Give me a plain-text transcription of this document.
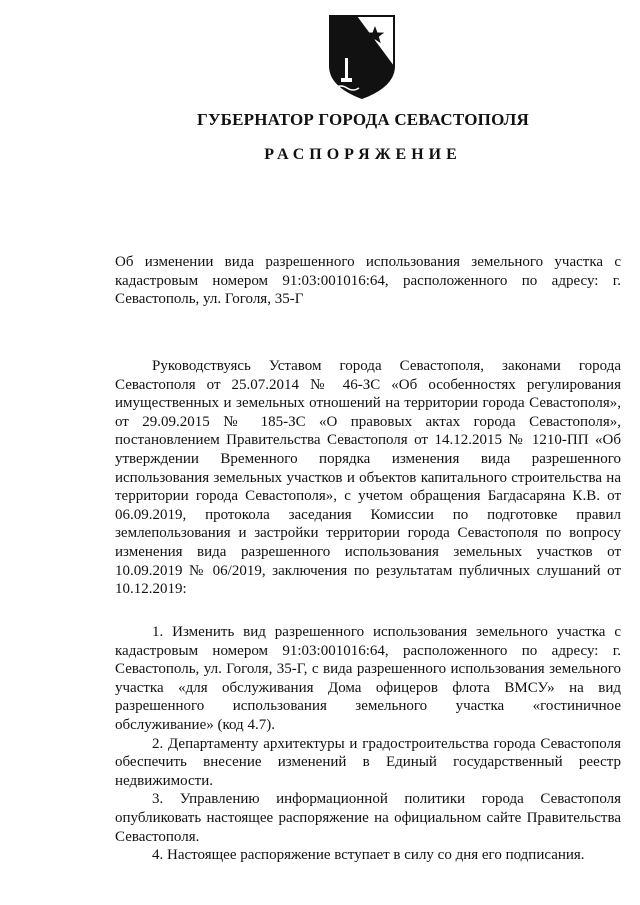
ГУБЕРНАТОР ГОРОДА СЕВАСТОПОЛЯ
РАСПОРЯЖЕНИЕ

Об изменении вида разрешенного использования земельного участка с кадастровым номером 91:03:001016:64, расположенного по адресу: г. Севастополь, ул. Гоголя, 35-Г

Руководствуясь Уставом города Севастополя, законами города Севастополя от 25.07.2014 № 46-ЗС «Об особенностях регулирования имущественных и земельных отношений на территории города Севастополя», от 29.09.2015 № 185-ЗС «О правовых актах города Севастополя», постановлением Правительства Севастополя от 14.12.2015 № 1210-ПП «Об утверждении Временного порядка изменения вида разрешенного использования земельных участков и объектов капитального строительства на территории города Севастополя», с учетом обращения Багдасаряна К.В. от 06.09.2019, протокола заседания Комиссии по подготовке правил землепользования и застройки территории города Севастополя по вопросу изменения вида разрешенного использования земельных участков от 10.09.2019 № 06/2019, заключения по результатам публичных слушаний от 10.12.2019:

1. Изменить вид разрешенного использования земельного участка с кадастровым номером 91:03:001016:64, расположенного по адресу: г. Севастополь, ул. Гоголя, 35-Г, с вида разрешенного использования земельного участка «для обслуживания Дома офицеров флота ВМСУ» на вид разрешенного использования земельного участка «гостиничное обслуживание» (код 4.7).

2. Департаменту архитектуры и градостроительства города Севастополя обеспечить внесение изменений в Единый государственный реестр недвижимости.

3. Управлению информационной политики города Севастополя опубликовать настоящее распоряжение на официальном сайте Правительства Севастополя.

4. Настоящее распоряжение вступает в силу со дня его подписания.
